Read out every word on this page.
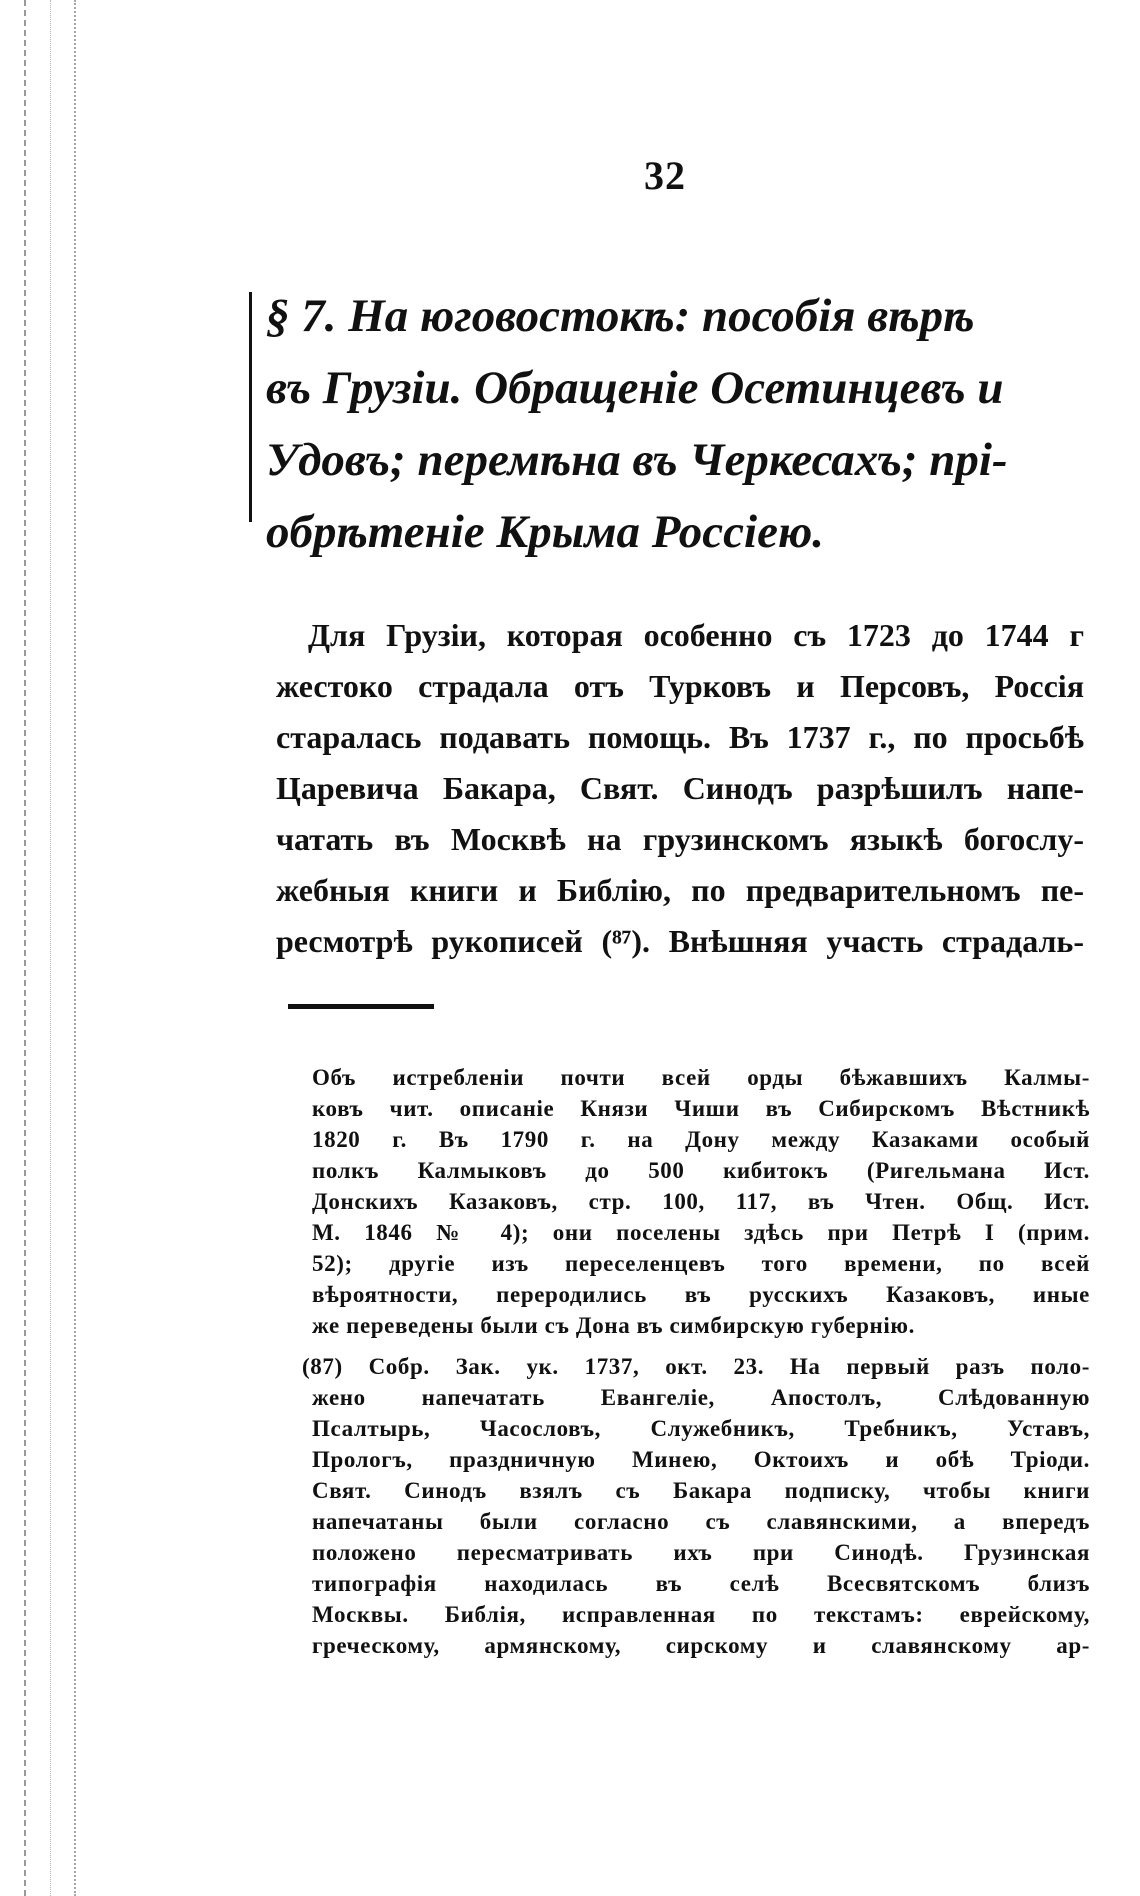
32
§ 7. На юговостокѣ: пособія вѣрѣ
въ Грузіи. Обращеніе Осетинцевъ и
Удовъ; перемѣна въ Черкесахъ; прі-
обрѣтеніе Крыма Россіею.
Для Грузіи, которая особенно съ 1723 до 1744 г
жестоко страдала отъ Турковъ и Персовъ, Россія
старалась подавать помощь. Въ 1737 г., по просьбѣ
Царевича Бакара, Свят. Синодъ разрѣшилъ напе-
чатать въ Москвѣ на грузинскомъ языкѣ богослу-
жебныя книги и Библію, по предварительномъ пе-
ресмотрѣ рукописей (⁸⁷). Внѣшняя участь страдаль-
Объ истребленіи почти всей орды бѣжавшихъ Калмы-
ковъ чит. описаніе Князи Чиши въ Сибирскомъ Вѣстникѣ
1820 г. Въ 1790 г. на Дону между Казаками особый
полкъ Калмыковъ до 500 кибитокъ (Ригельмана Ист.
Донскихъ Казаковъ, стр. 100, 117, въ Чтен. Общ. Ист.
М. 1846 № 4); они поселены здѣсь при Петрѣ I (прим.
52); другіе изъ переселенцевъ того времени, по всей
вѣроятности, переродились въ русскихъ Казаковъ, иные
же переведены были съ Дона въ симбирскую губернію.
(87) Собр. Зак. ук. 1737, окт. 23. На первый разъ поло-
жено напечатать Евангеліе, Апостолъ, Слѣдованную
Псалтырь, Часословъ, Служебникъ, Требникъ, Уставъ,
Прологъ, праздничную Минею, Октоихъ и обѣ Тріоди.
Свят. Синодъ взялъ съ Бакара подписку, чтобы книги
напечатаны были согласно съ славянскими, а впередъ
положено пересматривать ихъ при Синодѣ. Грузинская
типографія находилась въ селѣ Всесвятскомъ близъ
Москвы. Библія, исправленная по текстамъ: еврейскому,
греческому, армянскому, сирскому и славянскому ар-
